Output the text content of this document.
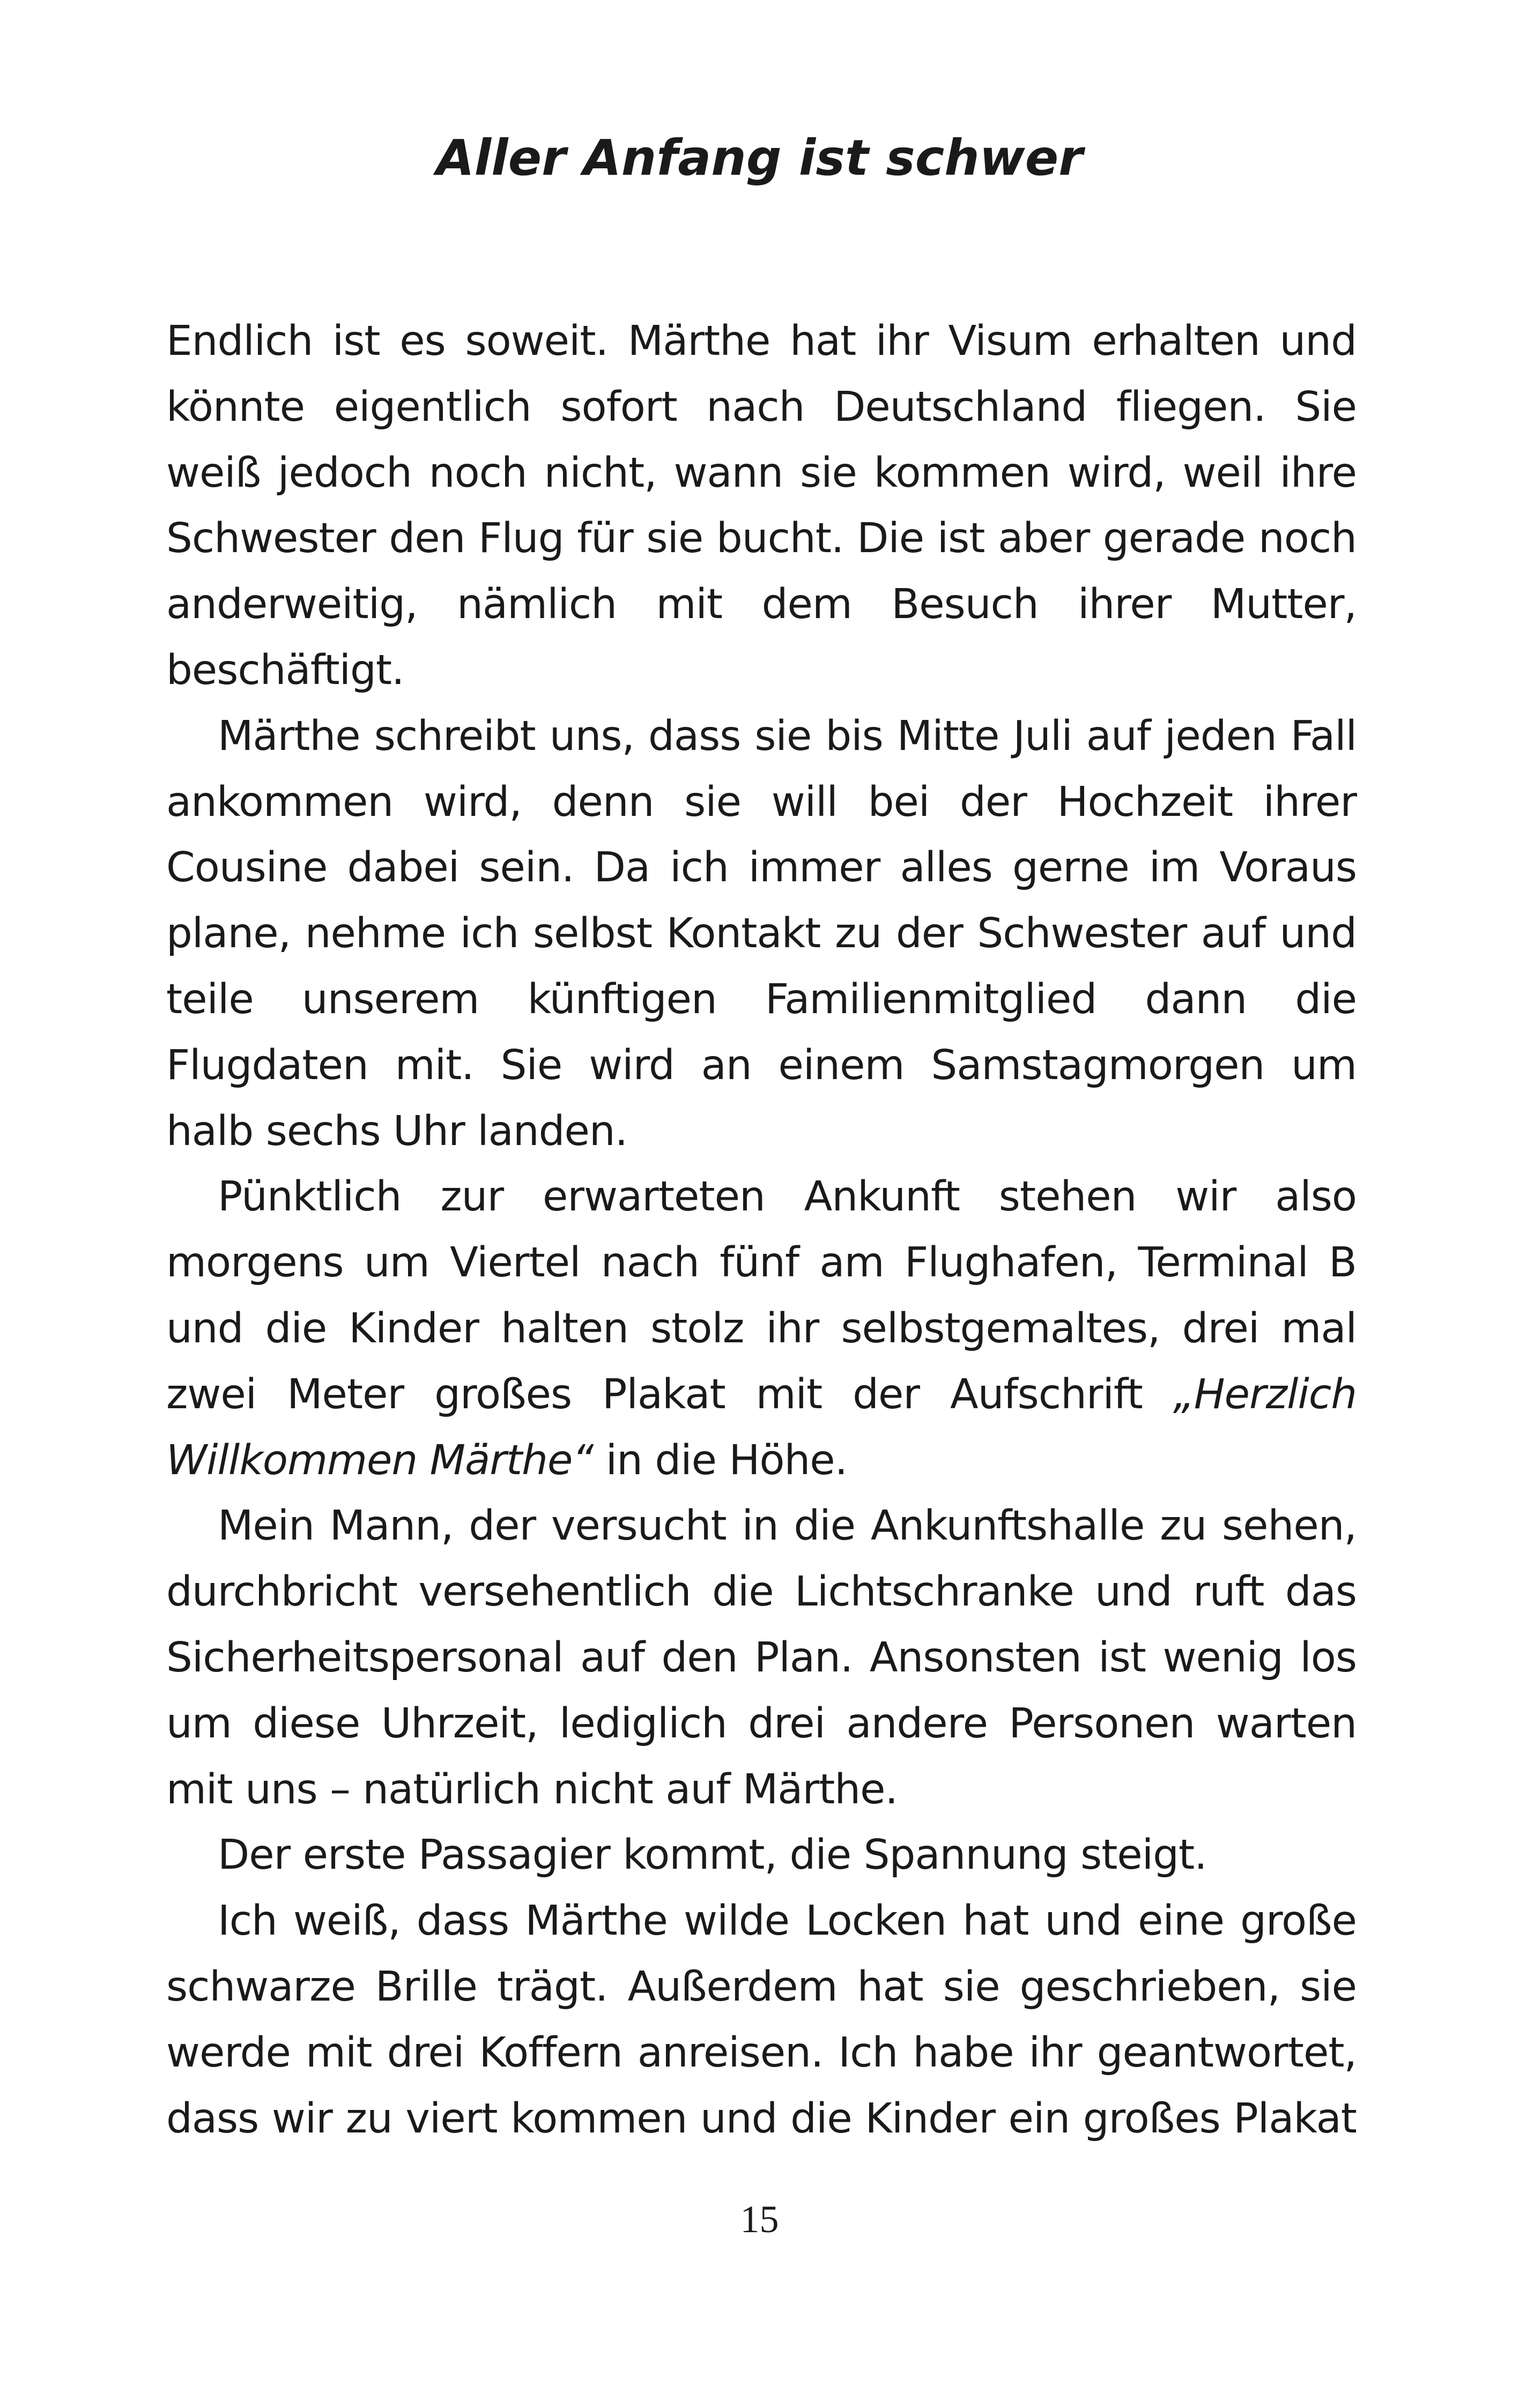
Aller Anfang ist schwer

Endlich ist es soweit. Märthe hat ihr Visum erhalten und könnte eigentlich sofort nach Deutschland fliegen. Sie weiß jedoch noch nicht, wann sie kommen wird, weil ihre Schwester den Flug für sie bucht. Die ist aber gerade noch anderweitig, nämlich mit dem Besuch ihrer Mutter, beschäftigt.

Märthe schreibt uns, dass sie bis Mitte Juli auf jeden Fall ankommen wird, denn sie will bei der Hochzeit ihrer Cousine dabei sein. Da ich immer alles gerne im Voraus plane, nehme ich selbst Kontakt zu der Schwester auf und teile unserem künftigen Familienmitglied dann die Flugdaten mit. Sie wird an einem Samstagmorgen um halb sechs Uhr landen.

Pünktlich zur erwarteten Ankunft stehen wir also morgens um Viertel nach fünf am Flughafen, Terminal B und die Kinder halten stolz ihr selbstgemaltes, drei mal zwei Meter großes Plakat mit der Aufschrift „Herzlich Willkommen Märthe“ in die Höhe.

Mein Mann, der versucht in die Ankunftshalle zu sehen, durchbricht versehentlich die Lichtschranke und ruft das Sicherheitspersonal auf den Plan. Ansonsten ist wenig los um diese Uhrzeit, lediglich drei andere Personen warten mit uns – natürlich nicht auf Märthe.

Der erste Passagier kommt, die Spannung steigt.

Ich weiß, dass Märthe wilde Locken hat und eine große schwarze Brille trägt. Außerdem hat sie geschrieben, sie werde mit drei Koffern anreisen. Ich habe ihr geantwortet, dass wir zu viert kommen und die Kinder ein großes Plakat

15
